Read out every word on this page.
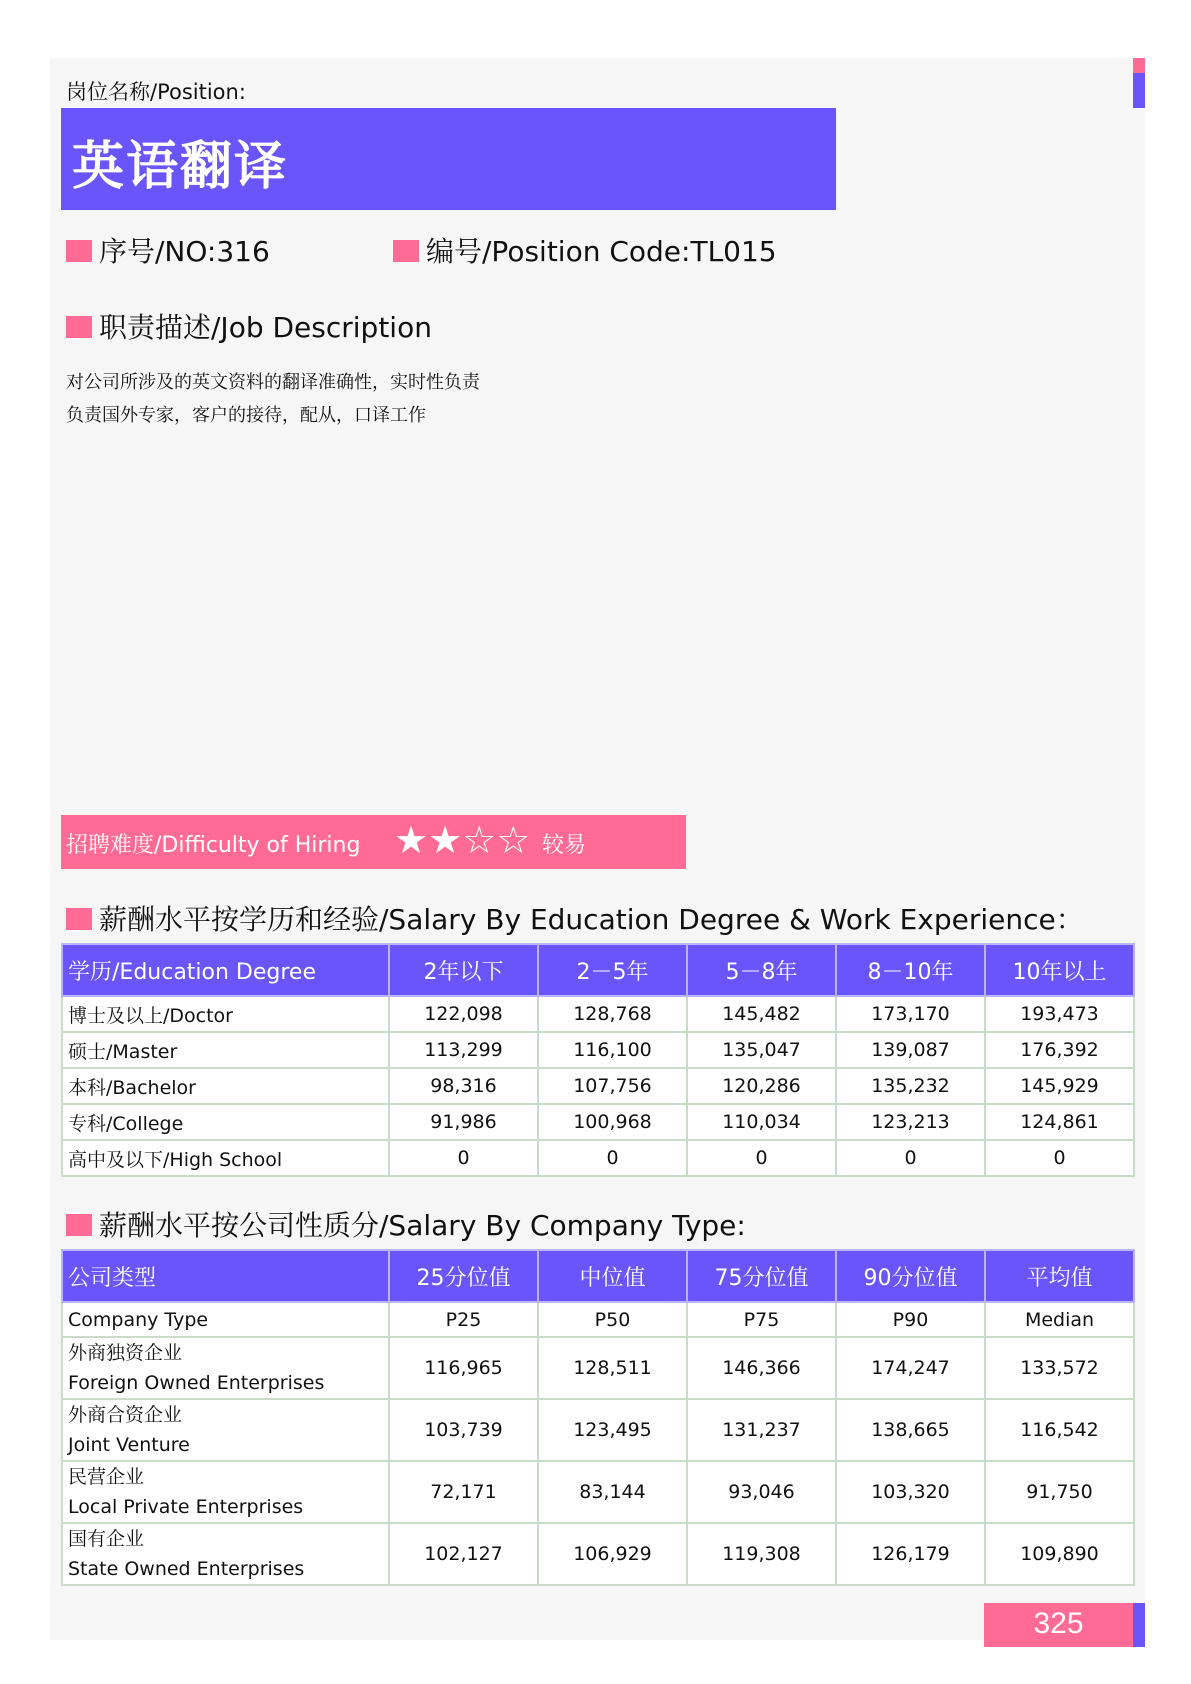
岗位名称/Position:
英语翻译
序号/NO:316	编号/Position Code:TL015
职责描述/Job Description
对公司所涉及的英文资料的翻译准确性，实时性负责
负责国外专家，客户的接待，配从，口译工作
招聘难度/Difficulty of Hiring ★★☆☆ 较易
薪酬水平按学历和经验/Salary By Education Degree & Work Experience：
学历/Education Degree	2年以下	2－5年	5－8年	8－10年	10年以上
博士及以上/Doctor	122,098	128,768	145,482	173,170	193,473
硕士/Master	113,299	116,100	135,047	139,087	176,392
本科/Bachelor	98,316	107,756	120,286	135,232	145,929
专科/College	91,986	100,968	110,034	123,213	124,861
高中及以下/High School	0	0	0	0	0
薪酬水平按公司性质分/Salary By Company Type:
公司类型	25分位值	中位值	75分位值	90分位值	平均值
Company Type	P25	P50	P75	P90	Median

外商独资企业
Foreign Owned Enterprises	116,965	128,511	146,366	174,247	133,572

外商合资企业
Joint Venture	103,739	123,495	131,237	138,665	116,542

民营企业
Local Private Enterprises	72,171	83,144	93,046	103,320	91,750

国有企业
State Owned Enterprises	102,127	106,929	119,308	126,179	109,890
325
